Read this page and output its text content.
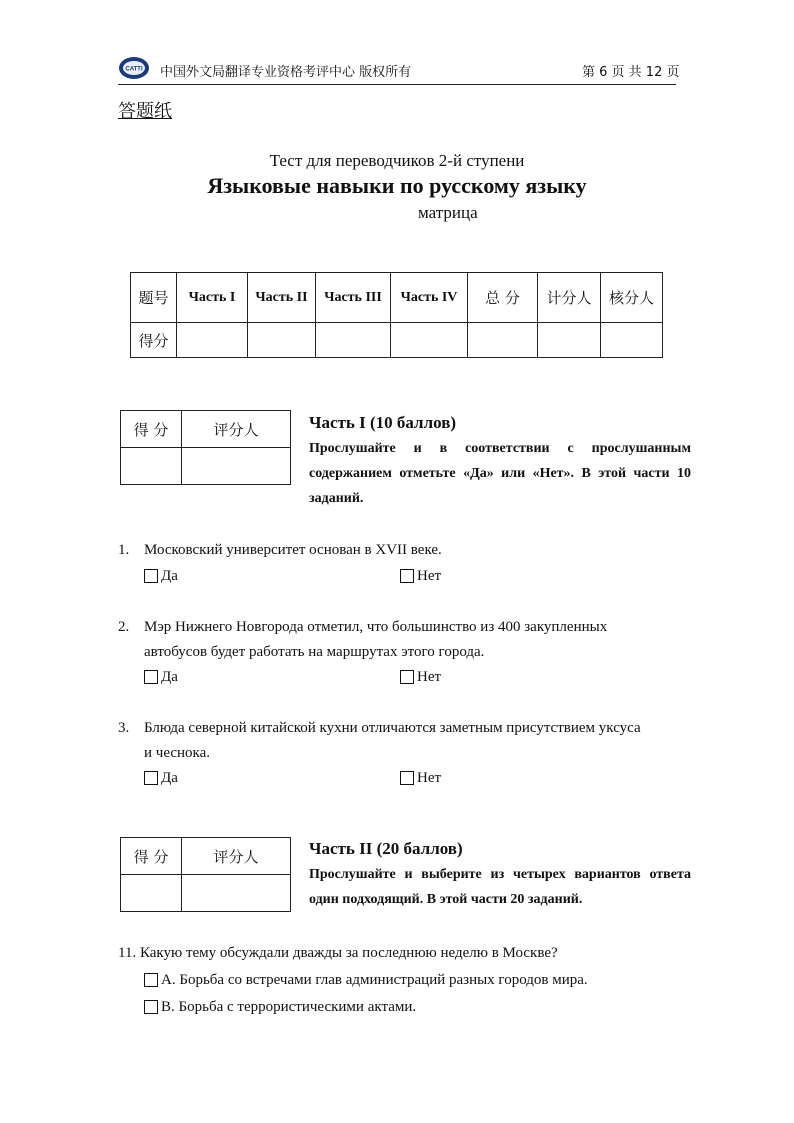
CATTI 中国外文局翻译专业资格考评中心 版权所有	第 6 页 共 12 页
答题纸
Тест для переводчиков 2-й ступени
Языковые навыки по русскому языку
матрица
题号	Часть I	Часть II	Часть III	Часть IV	总 分	计分人	核分人
得分							
得 分	评分人
		Часть I (10 баллов)
Прослушайте и в соответствии с прослушанным содержанием отметьте «Да» или «Нет». В этой части 10 заданий.
1. Московский университет основан в XVII веке.
Да	Нет
2. Мэр Нижнего Новгорода отметил, что большинство из 400 закупленных
автобусов будет работать на маршрутах этого города.
Да	Нет
3. Блюда северной китайской кухни отличаются заметным присутствием уксуса
и чеснока.
Да	Нет
得 分	评分人
		Часть II (20 баллов)
Прослушайте и выберите из четырех вариантов ответа один подходящий. В этой части 20 заданий.
11. Какую тему обсуждали дважды за последнюю неделю в Москве?
A. Борьба со встречами глав администраций разных городов мира.
B. Борьба с террористическими актами.
